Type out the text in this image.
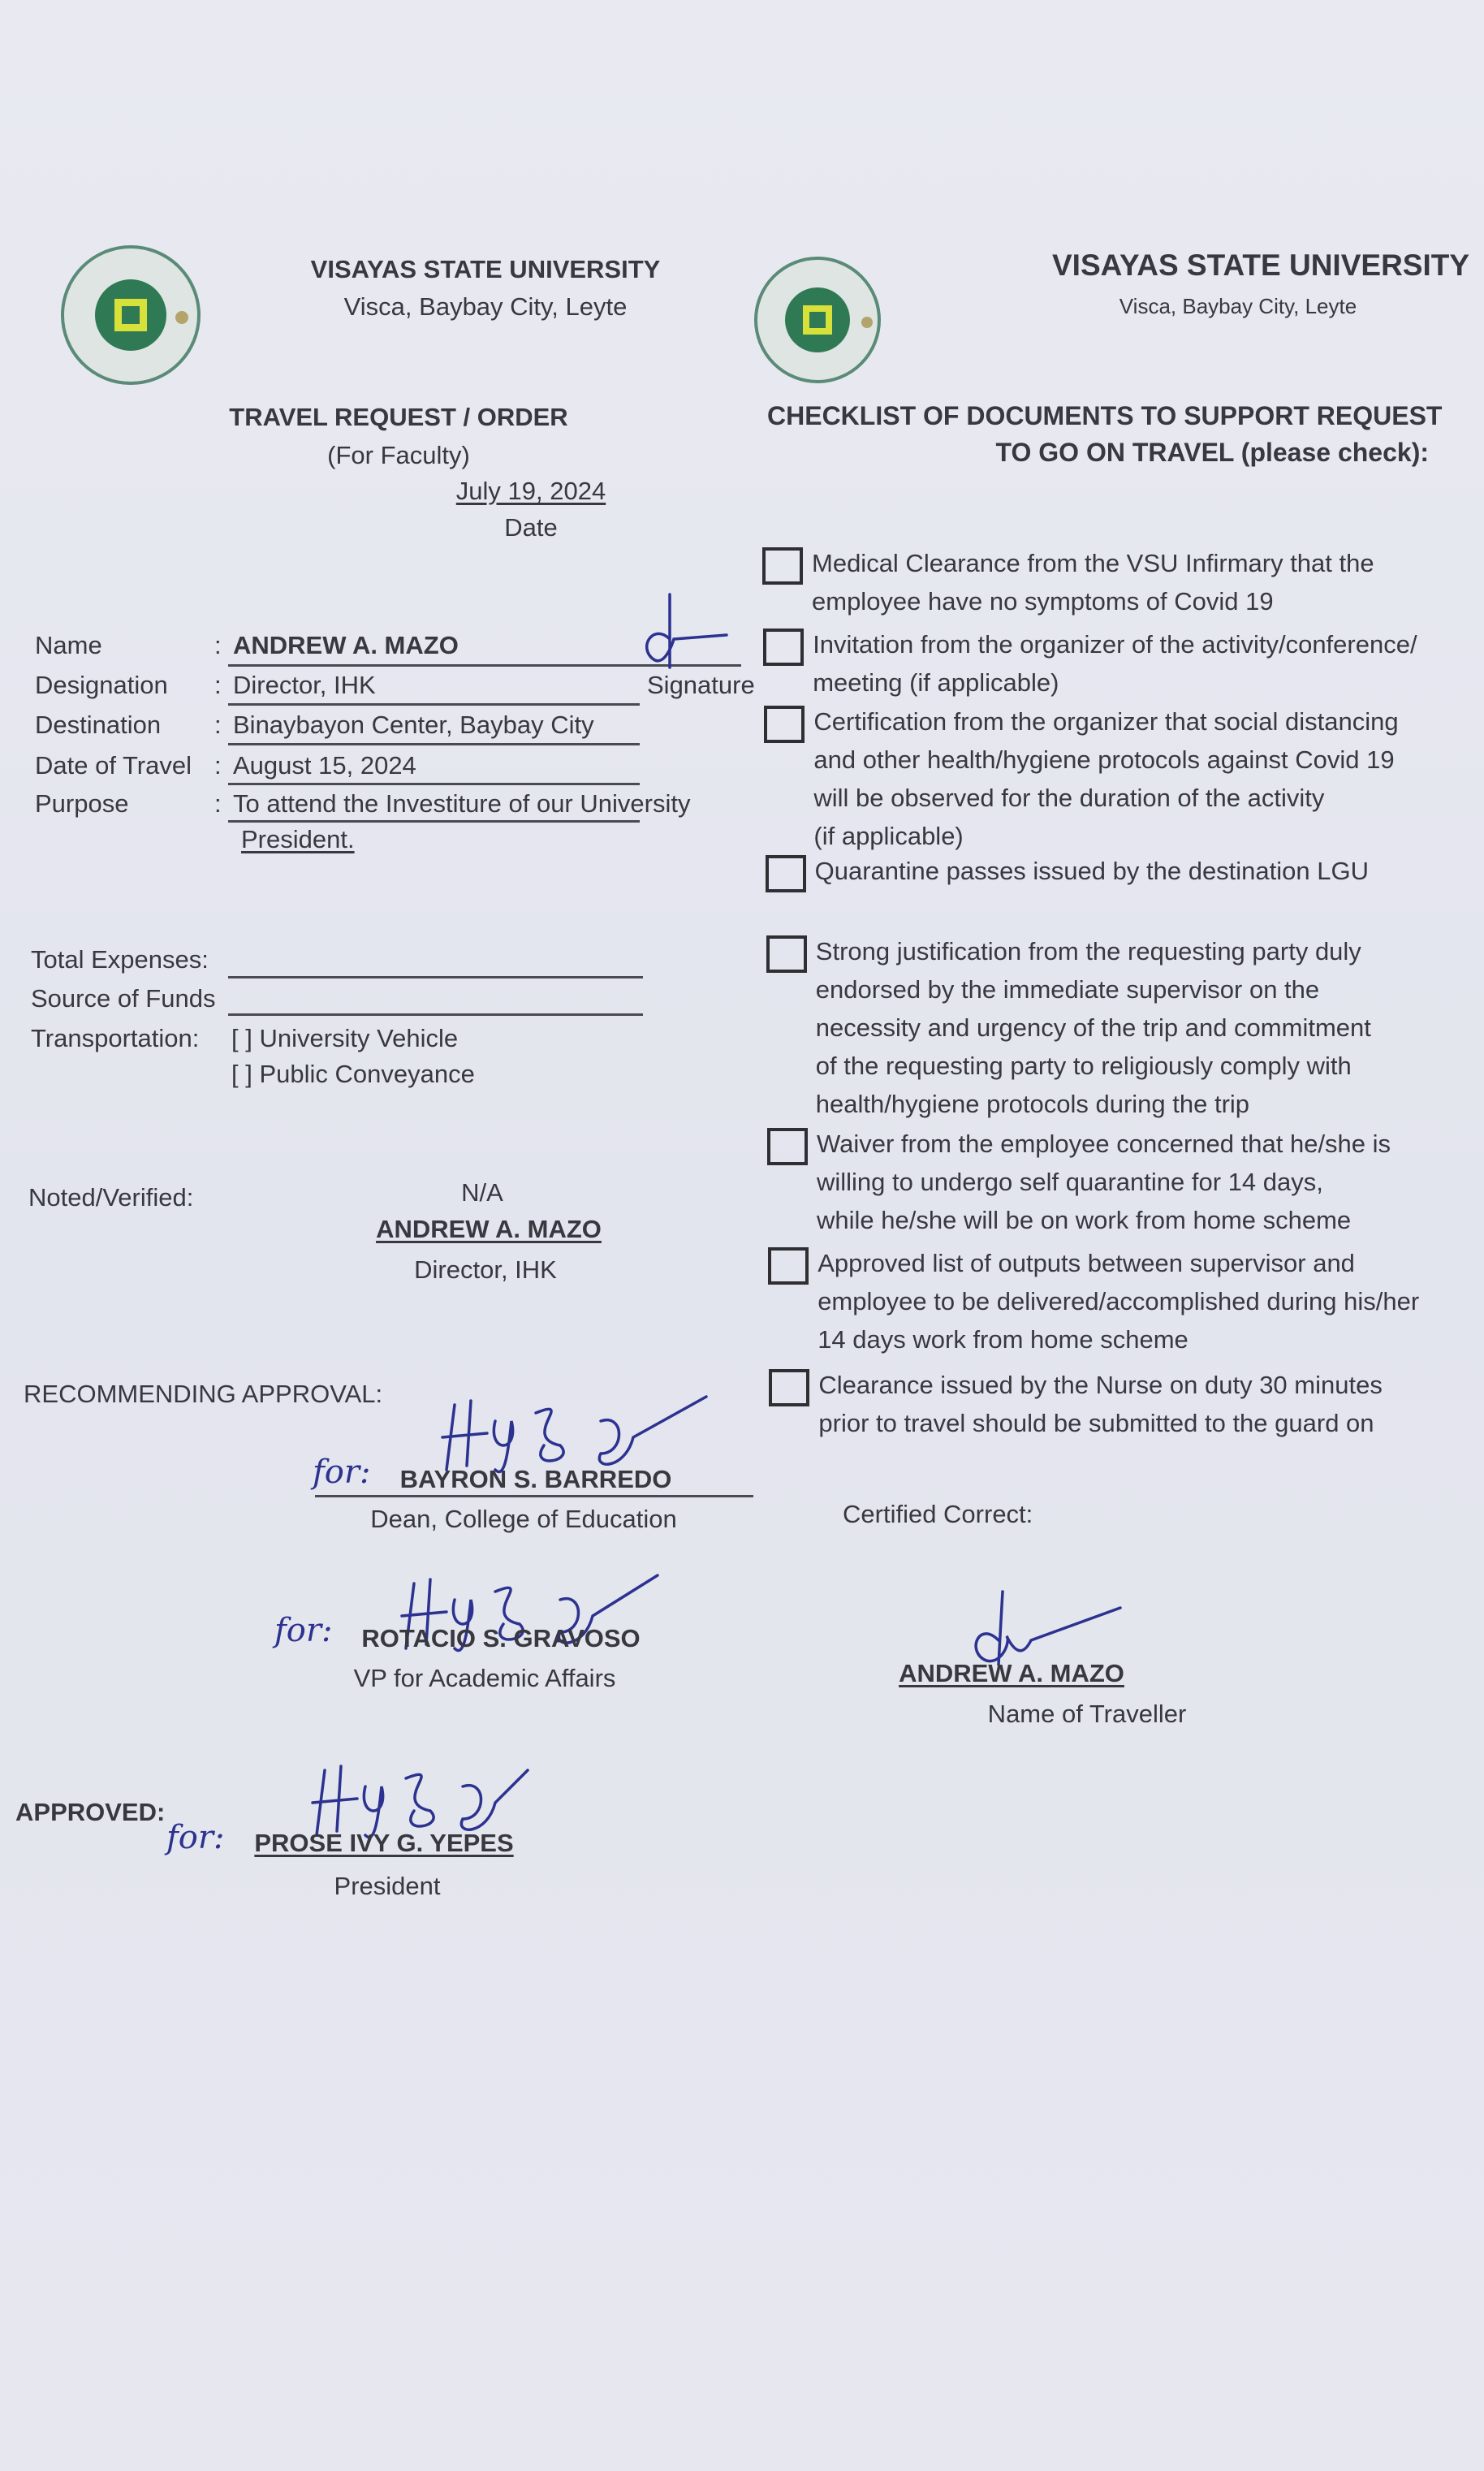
VISAYAS STATE UNIVERSITY
Visca, Baybay City, Leyte
TRAVEL REQUEST / ORDER
(For Faculty)
July 19, 2024
Date
VISAYAS STATE UNIVERSITY
Visca, Baybay City, Leyte
CHECKLIST OF DOCUMENTS TO SUPPORT REQUEST
TO GO ON TRAVEL (please check):
Name	: ANDREW A. MAZO
Designation : Director, IHK	Signature
Destination : Binaybayon Center, Baybay City
Date of Travel : August 15, 2024
Purpose	: To attend the Investiture of our University
President.
Total Expenses:
Source of Funds
Transportation: [ ] University Vehicle
[ ] Public Conveyance
Noted/Verified:	N/A
ANDREW A. MAZO
Director, IHK
RECOMMENDING APPROVAL:
for: BAYRON S. BARREDO
Dean, College of Education
for: ROTACIO S. GRAVOSO
VP for Academic Affairs
APPROVED:
for: PROSE IVY G. YEPES
President
Certified Correct:
ANDREW A. MAZO
Name of Traveller
Medical Clearance from the VSU Infirmary that the
employee have no symptoms of Covid 19
Invitation from the organizer of the activity/conference/
meeting (if applicable)
Certification from the organizer that social distancing
and other health/hygiene protocols against Covid 19
will be observed for the duration of the activity
(if applicable)
Quarantine passes issued by the destination LGU
Strong justification from the requesting party duly
endorsed by the immediate supervisor on the
necessity and urgency of the trip and commitment
of the requesting party to religiously comply with
health/hygiene protocols during the trip
Waiver from the employee concerned that he/she is
willing to undergo self quarantine for 14 days,
while he/she will be on work from home scheme
Approved list of outputs between supervisor and
employee to be delivered/accomplished during his/her
14 days work from home scheme
Clearance issued by the Nurse on duty 30 minutes
prior to travel should be submitted to the guard on
